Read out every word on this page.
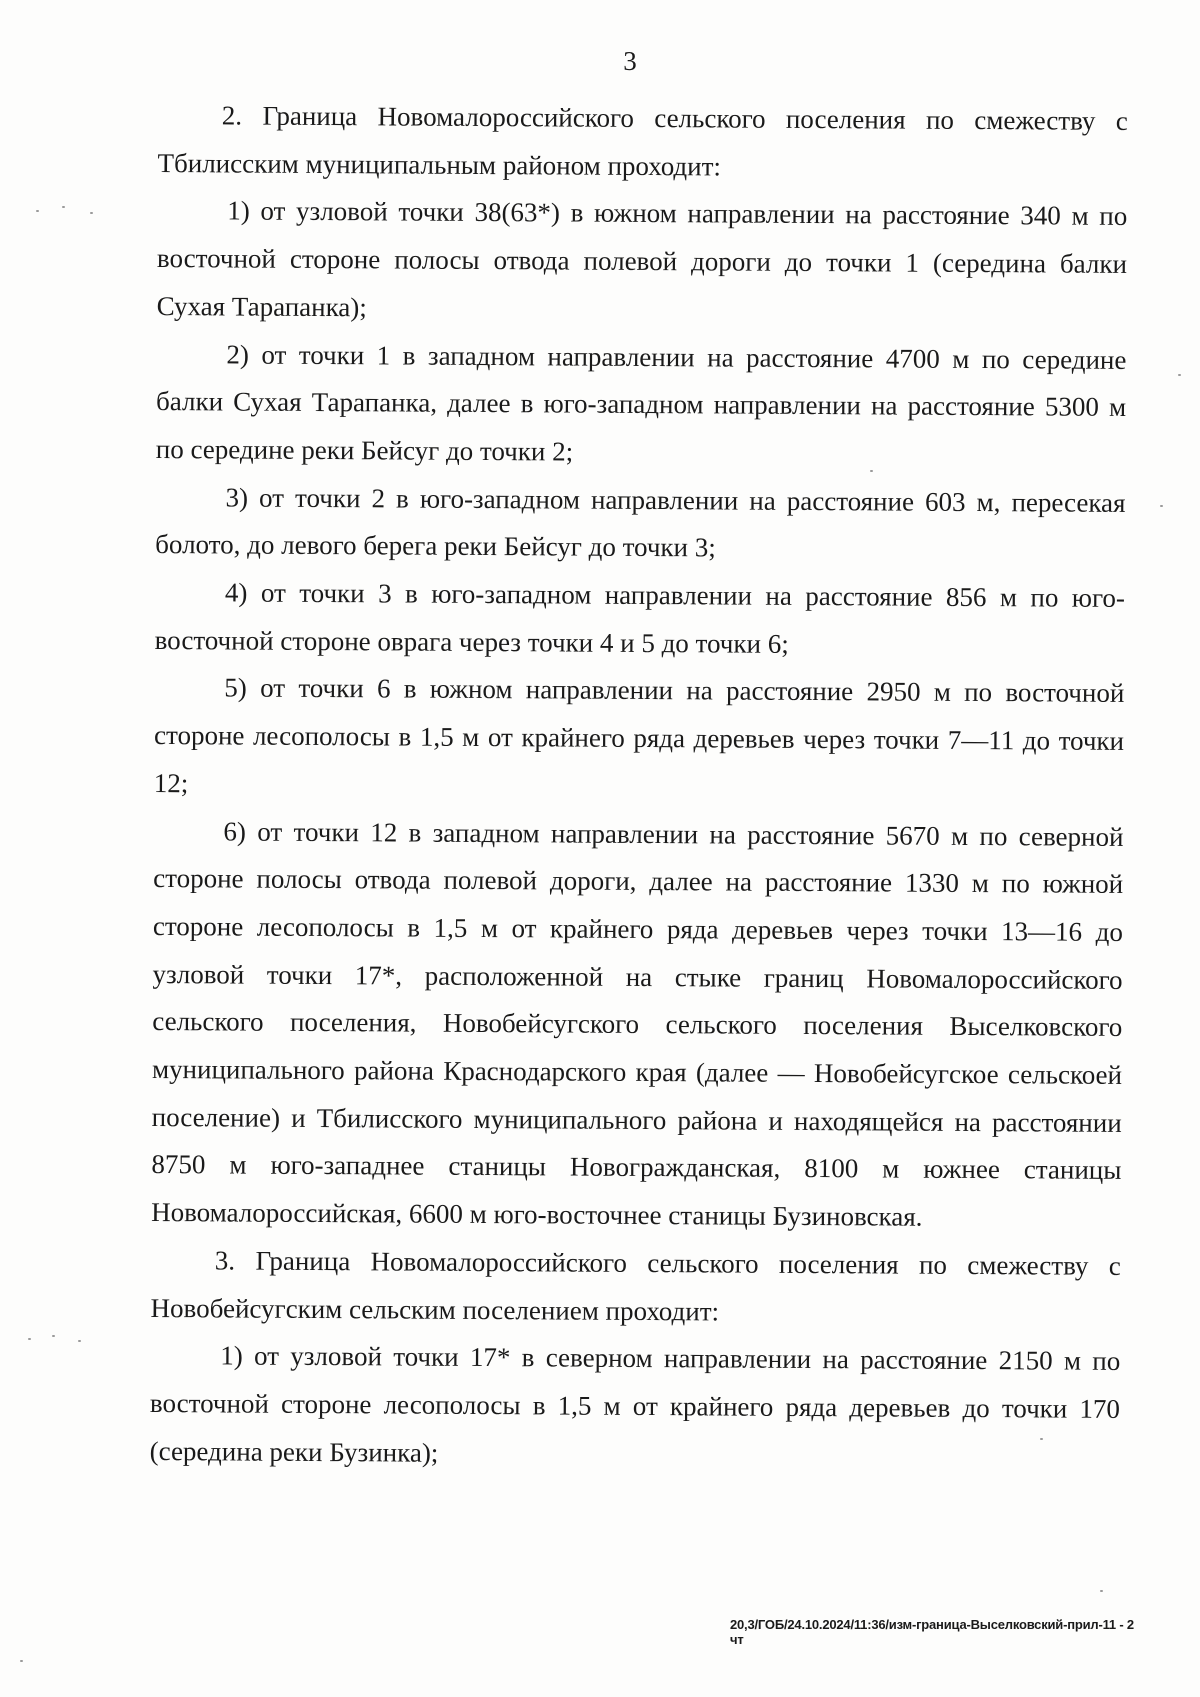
3

2. Граница Новомалороссийского сельского поселения по смежеству с Тбилисским муниципальным районом проходит:

1) от узловой точки 38(63*) в южном направлении на расстояние 340 м по восточной стороне полосы отвода полевой дороги до точки 1 (середина балки Сухая Тарапанка);

2) от точки 1 в западном направлении на расстояние 4700 м по середине балки Сухая Тарапанка, далее в юго-западном направлении на расстояние 5300 м по середине реки Бейсуг до точки 2;

3) от точки 2 в юго-западном направлении на расстояние 603 м, пересекая болото, до левого берега реки Бейсуг до точки 3;

4) от точки 3 в юго-западном направлении на расстояние 856 м по юго-восточной стороне оврага через точки 4 и 5 до точки 6;

5) от точки 6 в южном направлении на расстояние 2950 м по восточной стороне лесополосы в 1,5 м от крайнего ряда деревьев через точки 7—11 до точки 12;

6) от точки 12 в западном направлении на расстояние 5670 м по северной стороне полосы отвода полевой дороги, далее на расстояние 1330 м по южной стороне лесополосы в 1,5 м от крайнего ряда деревьев через точки 13—16 до узловой точки 17*, расположенной на стыке границ Новомалороссийского сельского поселения, Новобейсугского сельского поселения Выселковского муниципального района Краснодарского края (далее — Новобейсугское сельскоей поселение) и Тбилисского муниципального района и находящейся на расстоянии 8750 м юго-западнее станицы Новогражданская, 8100 м южнее станицы Новомалороссийская, 6600 м юго-восточнее станицы Бузиновская.

3. Граница Новомалороссийского сельского поселения по смежеству с Новобейсугским сельским поселением проходит:

1) от узловой точки 17* в северном направлении на расстояние 2150 м по восточной стороне лесополосы в 1,5 м от крайнего ряда деревьев до точки 170 (середина реки Бузинка);

20,3/ГОБ/24.10.2024/11:36/изм-граница-Выселковский-прил-11 - 2 чт
